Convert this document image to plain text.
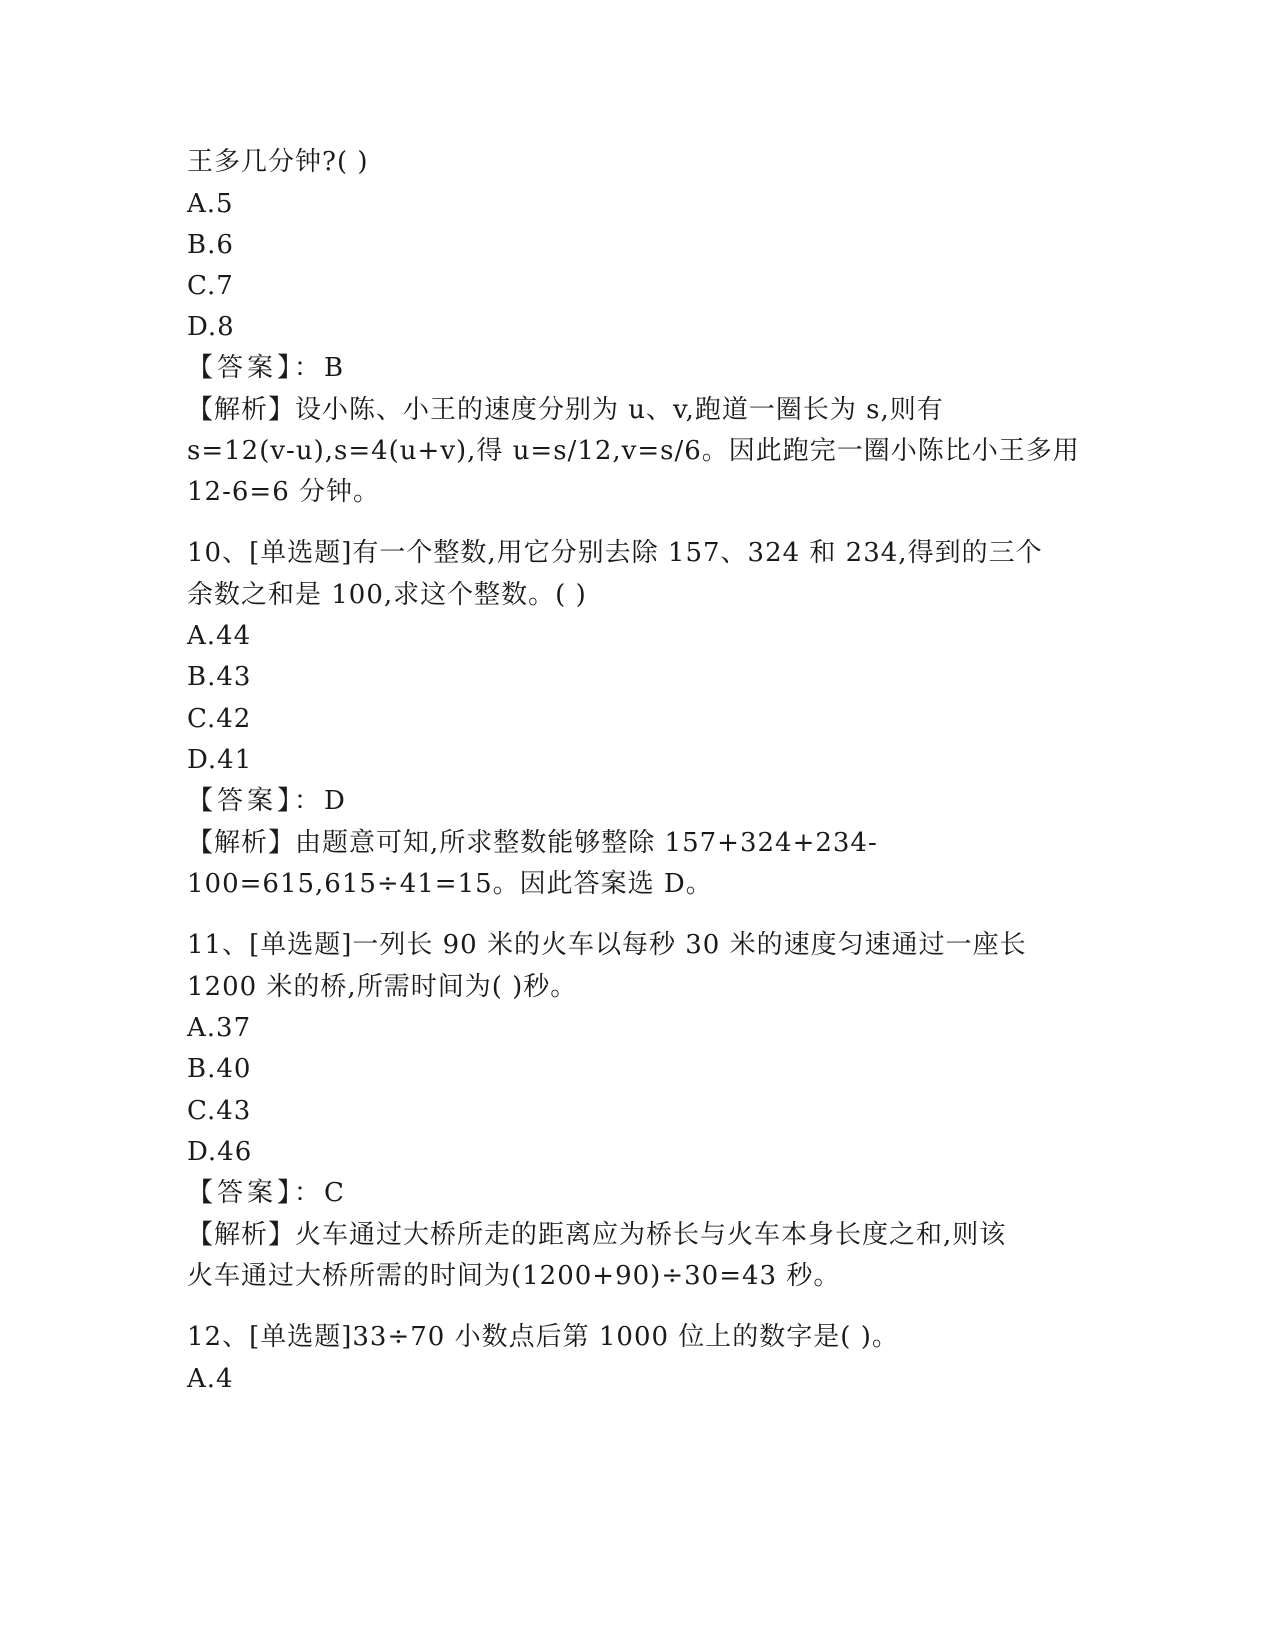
王多几分钟?( )
A.5
B.6
C.7
D.8
【答案】：B
【解析】设小陈、小王的速度分别为 u、v,跑道一圈长为 s,则有
s=12(v-u),s=4(u+v),得 u=s/12,v=s/6。因此跑完一圈小陈比小王多用
12-6=6 分钟。
10、[单选题]有一个整数,用它分别去除 157、324 和 234,得到的三个
余数之和是 100,求这个整数。( )
A.44
B.43
C.42
D.41
【答案】：D
【解析】由题意可知,所求整数能够整除 157+324+234-
100=615,615÷41=15。因此答案选 D。
11、[单选题]一列长 90 米的火车以每秒 30 米的速度匀速通过一座长
1200 米的桥,所需时间为( )秒。
A.37
B.40
C.43
D.46
【答案】：C
【解析】火车通过大桥所走的距离应为桥长与火车本身长度之和,则该
火车通过大桥所需的时间为(1200+90)÷30=43 秒。
12、[单选题]33÷70 小数点后第 1000 位上的数字是( )。
A.4
